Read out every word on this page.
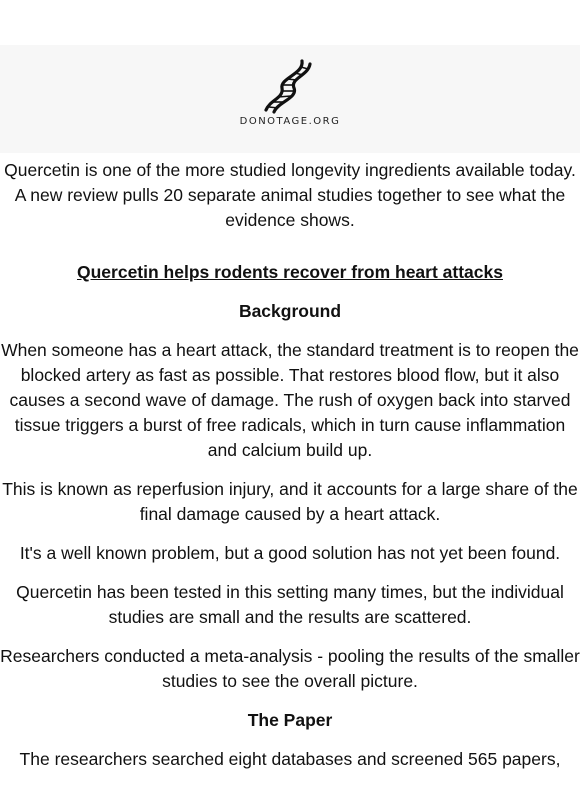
DONOTAGE.ORG

Quercetin is one of the more studied longevity ingredients available today. A new review pulls 20 separate animal studies together to see what the evidence shows.

Quercetin helps rodents recover from heart attacks

Background

When someone has a heart attack, the standard treatment is to reopen the blocked artery as fast as possible. That restores blood flow, but it also causes a second wave of damage. The rush of oxygen back into starved tissue triggers a burst of free radicals, which in turn cause inflammation and calcium build up.

This is known as reperfusion injury, and it accounts for a large share of the final damage caused by a heart attack.

It's a well known problem, but a good solution has not yet been found.

Quercetin has been tested in this setting many times, but the individual studies are small and the results are scattered.

Researchers conducted a meta-analysis - pooling the results of the smaller studies to see the overall picture.

The Paper

The researchers searched eight databases and screened 565 papers,
